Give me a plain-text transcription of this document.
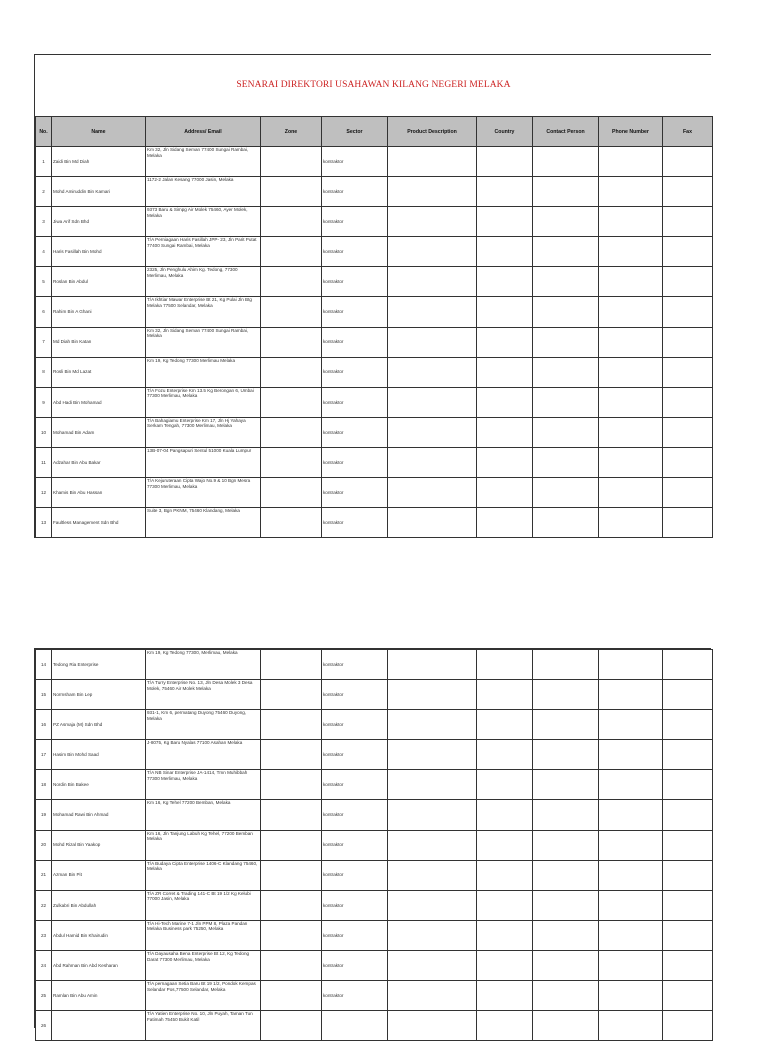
SENARAI DIREKTORI USAHAWAN KILANG NEGERI MELAKA
No.	Name	Address/ Email	Zone	Sector	Product Description	Country	Contact Person	Phone Number	Fax
1	Zaidi Bin Md Diah	Km 32, Jln Sidang Seman 77400 Sungai Rambai, Melaka		kontraktor					
2	Mohd Amiruddin Bin Kamari	1172-2 Jalan Kesang 77000 Jasin, Melaka		kontraktor					
3	Jiwa Arif Sdn Bhd	9373 Baru & Simpg Air Molek 75460, Ayer Molek, Melaka		kontraktor					
4	Haris Fasillah Bin Mohd	T/A Perniagaan Haris Fasillah JPP- 23, Jln Parit Putat 77400 Sungai Rambai, Melaka		kontraktor					
5	Roslan Bin Abdul	2325, Jln Penghulu Ahim Kg. Tedong, 77300 Merlimau, Melaka		kontraktor					
6	Rahim Bin A Ghani	T/A Ikhtiar Mawar Enterprise Bt 21, Kg Pulai Jln Btg Melaka 77500 Selandar, Melaka		kontraktor					
7	Md Diah Bin Katan	Km 32, Jln Sidang Seman 77400 Sungai Rambai, Melaka		kontraktor					
8	Rosli Bin Md Lazat	Km 19, Kg Tedong 77300 Merlimau Melaka		kontraktor					
9	Abd Hadi Bin Mohamad	T/A Fozu Enterprise Km 13.5 Kg Berongan 6, Umbai 77300 Merlimau, Melaka		kontraktor					
10	Mohamad Bin Adam	T/A Bahagiamu Enterprise Km 17, Jln Hj Yahaya Serkam Tengah, 77300 Merlimau, Melaka		kontraktor					
11	Adzahar Bin Abu Bakar	13B-07-04 Pangsapuri Sentul 51000 Kuala Lumpur		kontraktor					
12	Khamis Bin Abu Hassan	T/A Kejuruteraan Cipta Wajo No.9 & 10 Bgn Mesra 77300 Merlimau, Melaka		kontraktor					
13	Faultless Management Sdn Bhd	Suite 3, Bgn PKNM, 75460 Klandang, Melaka		kontraktor					
14	Tedong Ria Enterprise	Km 19, Kg Tedong 77300, Merlimau, Melaka		kontraktor					
15	Normsham Bin Lep	T/A Turry Enterprise No. 13, Jln Desa Molek 3 Desa Molek, 75460 Air Molek Melaka		kontraktor					
16	PZ Asmaja (M) Sdn Bhd	931-1, Km 6, permatang Duyong 75460 Duyong, Melaka		kontraktor					
17	Hasim Bin Mohd Saad	J-8075, Kg Baru Nyalas 77100 Asahan Melaka		kontraktor					
18	Nordin Bin Bakee	T/A NB Sinar Enterprise JA-1414, Tmn Muhibbah 77300 Merlimau, Melaka		kontraktor					
19	Mohamad Rawi Bin Ahmad	Km 16, Kg Tehel 77200 Bemban, Melaka		kontraktor					
20	Mohd Rizal Bin Yaakop	Km 16, Jln Tanjung Labuh Kg Tehel, 77200 Bemban Melaka		kontraktor					
21	Azman Bin Pit	T/A Budaya Cipta Enterprise 1406-C Klandang 75460, Melaka		kontraktor					
22	Zulkabri Bin Abdullah	T/A ZR Corret & Trading 141-C Bt 19 1/2 Kg Kelubi 77000 Jasin, Melaka		kontraktor					
23	Abdul Hamid Bin Khairudin	T/A Hi-Tech Marine 7-1 Jln PPM 8, Plaza Pandan Melaka Business park 75250, Melaka		kontraktor					
24	Abd Rahman Bin Abd Kesharan	T/A Dayausaha Bena Enterprise Bt 12, Kg Tedong Darat 77300 Merlimau, Melaka		kontraktor					
25	Ramlan Bin Abu Amin	T/A pernagaan Setia Baru Bt 19 1/2, Pondok Kempas Selandar Pos,77500 Selandar, Melaka		kontraktor					
26		T/A Yatien Enterprise No. 10, Jln Puyah, Taman Tun Fatimah 75450 Bukit Katil							
